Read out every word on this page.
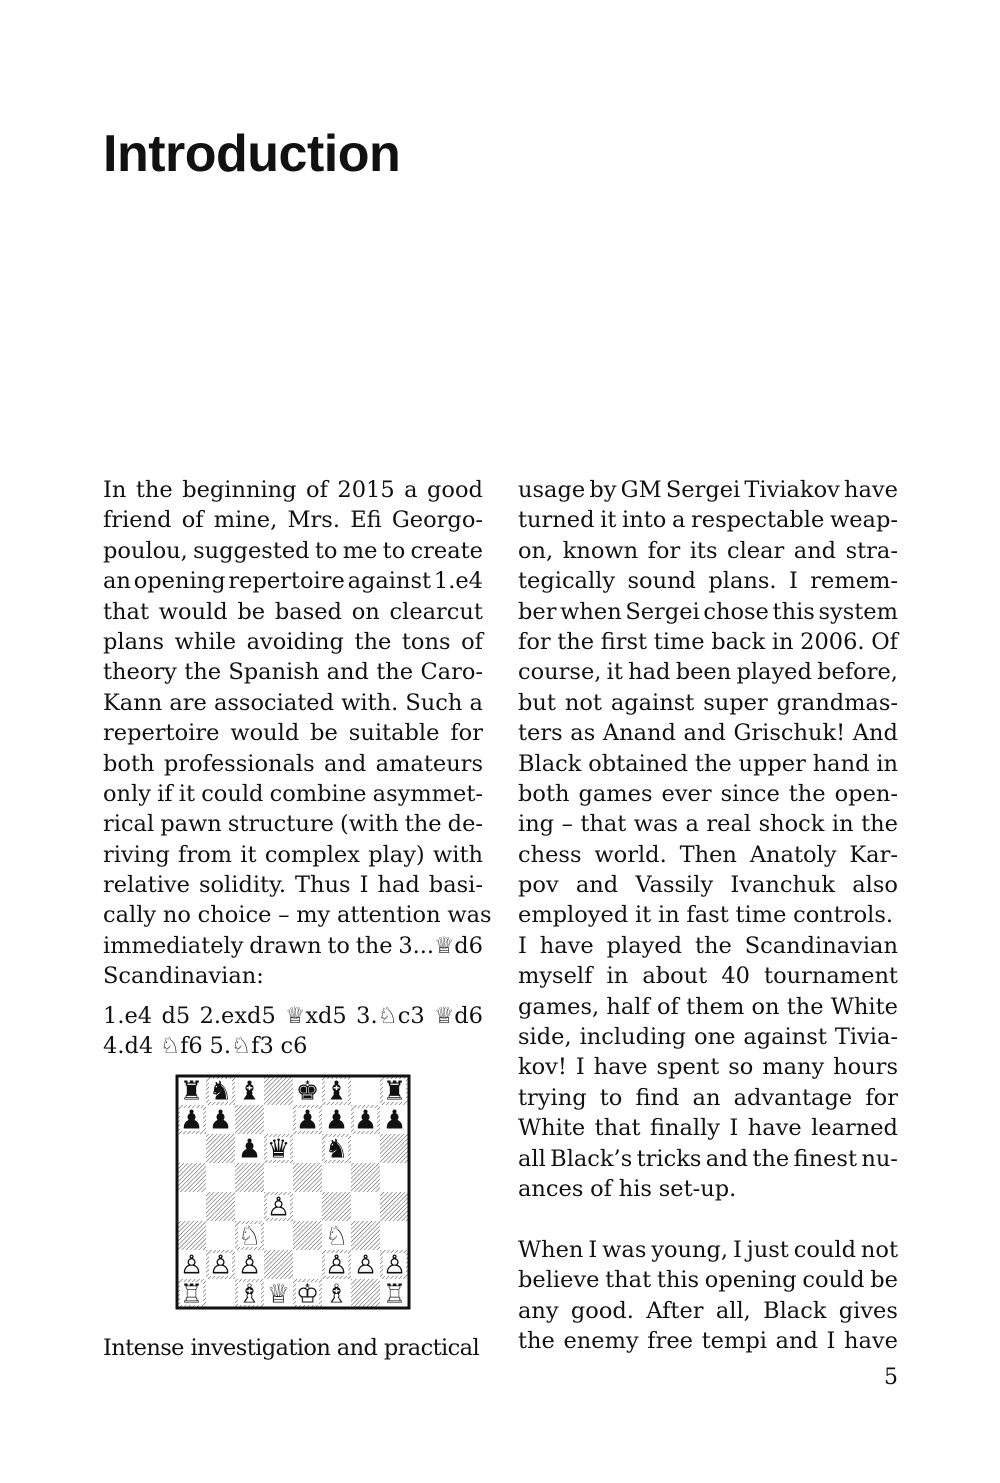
Introduction
In the beginning of 2015 a good
friend of mine, Mrs. Efi Georgo-
poulou, suggested to me to create
an opening repertoire against 1.e4
that would be based on clearcut
plans while avoiding the tons of
theory the Spanish and the Caro-
Kann are associated with. Such a
repertoire would be suitable for
both professionals and amateurs
only if it could combine asymmet-
rical pawn structure (with the de-
riving from it complex play) with
relative solidity. Thus I had basi-
cally no choice – my attention was
immediately drawn to the 3...♕d6
Scandinavian:
1.e4 d5 2.exd5 ♕xd5 3.♘c3 ♕d6
4.d4 ♘f6 5.♘f3 c6
♜ ♞ ♝ ♚ ♝ ♜
♟ ♟ ♟ ♟ ♟ ♟
♟ ♛ ♞
♙
♘ ♘
♙ ♙ ♙ ♙ ♙ ♙
♖ ♗ ♕ ♔ ♗ ♖
Intense investigation and practical
usage by GM Sergei Tiviakov have
turned it into a respectable weap-
on, known for its clear and stra-
tegically sound plans. I remem-
ber when Sergei chose this system
for the first time back in 2006. Of
course, it had been played before,
but not against super grandmas-
ters as Anand and Grischuk! And
Black obtained the upper hand in
both games ever since the open-
ing – that was a real shock in the
chess world. Then Anatoly Kar-
pov and Vassily Ivanchuk also
employed it in fast time controls.
I have played the Scandinavian
myself in about 40 tournament
games, half of them on the White
side, including one against Tivia-
kov! I have spent so many hours
trying to find an advantage for
White that finally I have learned
all Black’s tricks and the finest nu-
ances of his set-up.
When I was young, I just could not
believe that this opening could be
any good. After all, Black gives
the enemy free tempi and I have
5
